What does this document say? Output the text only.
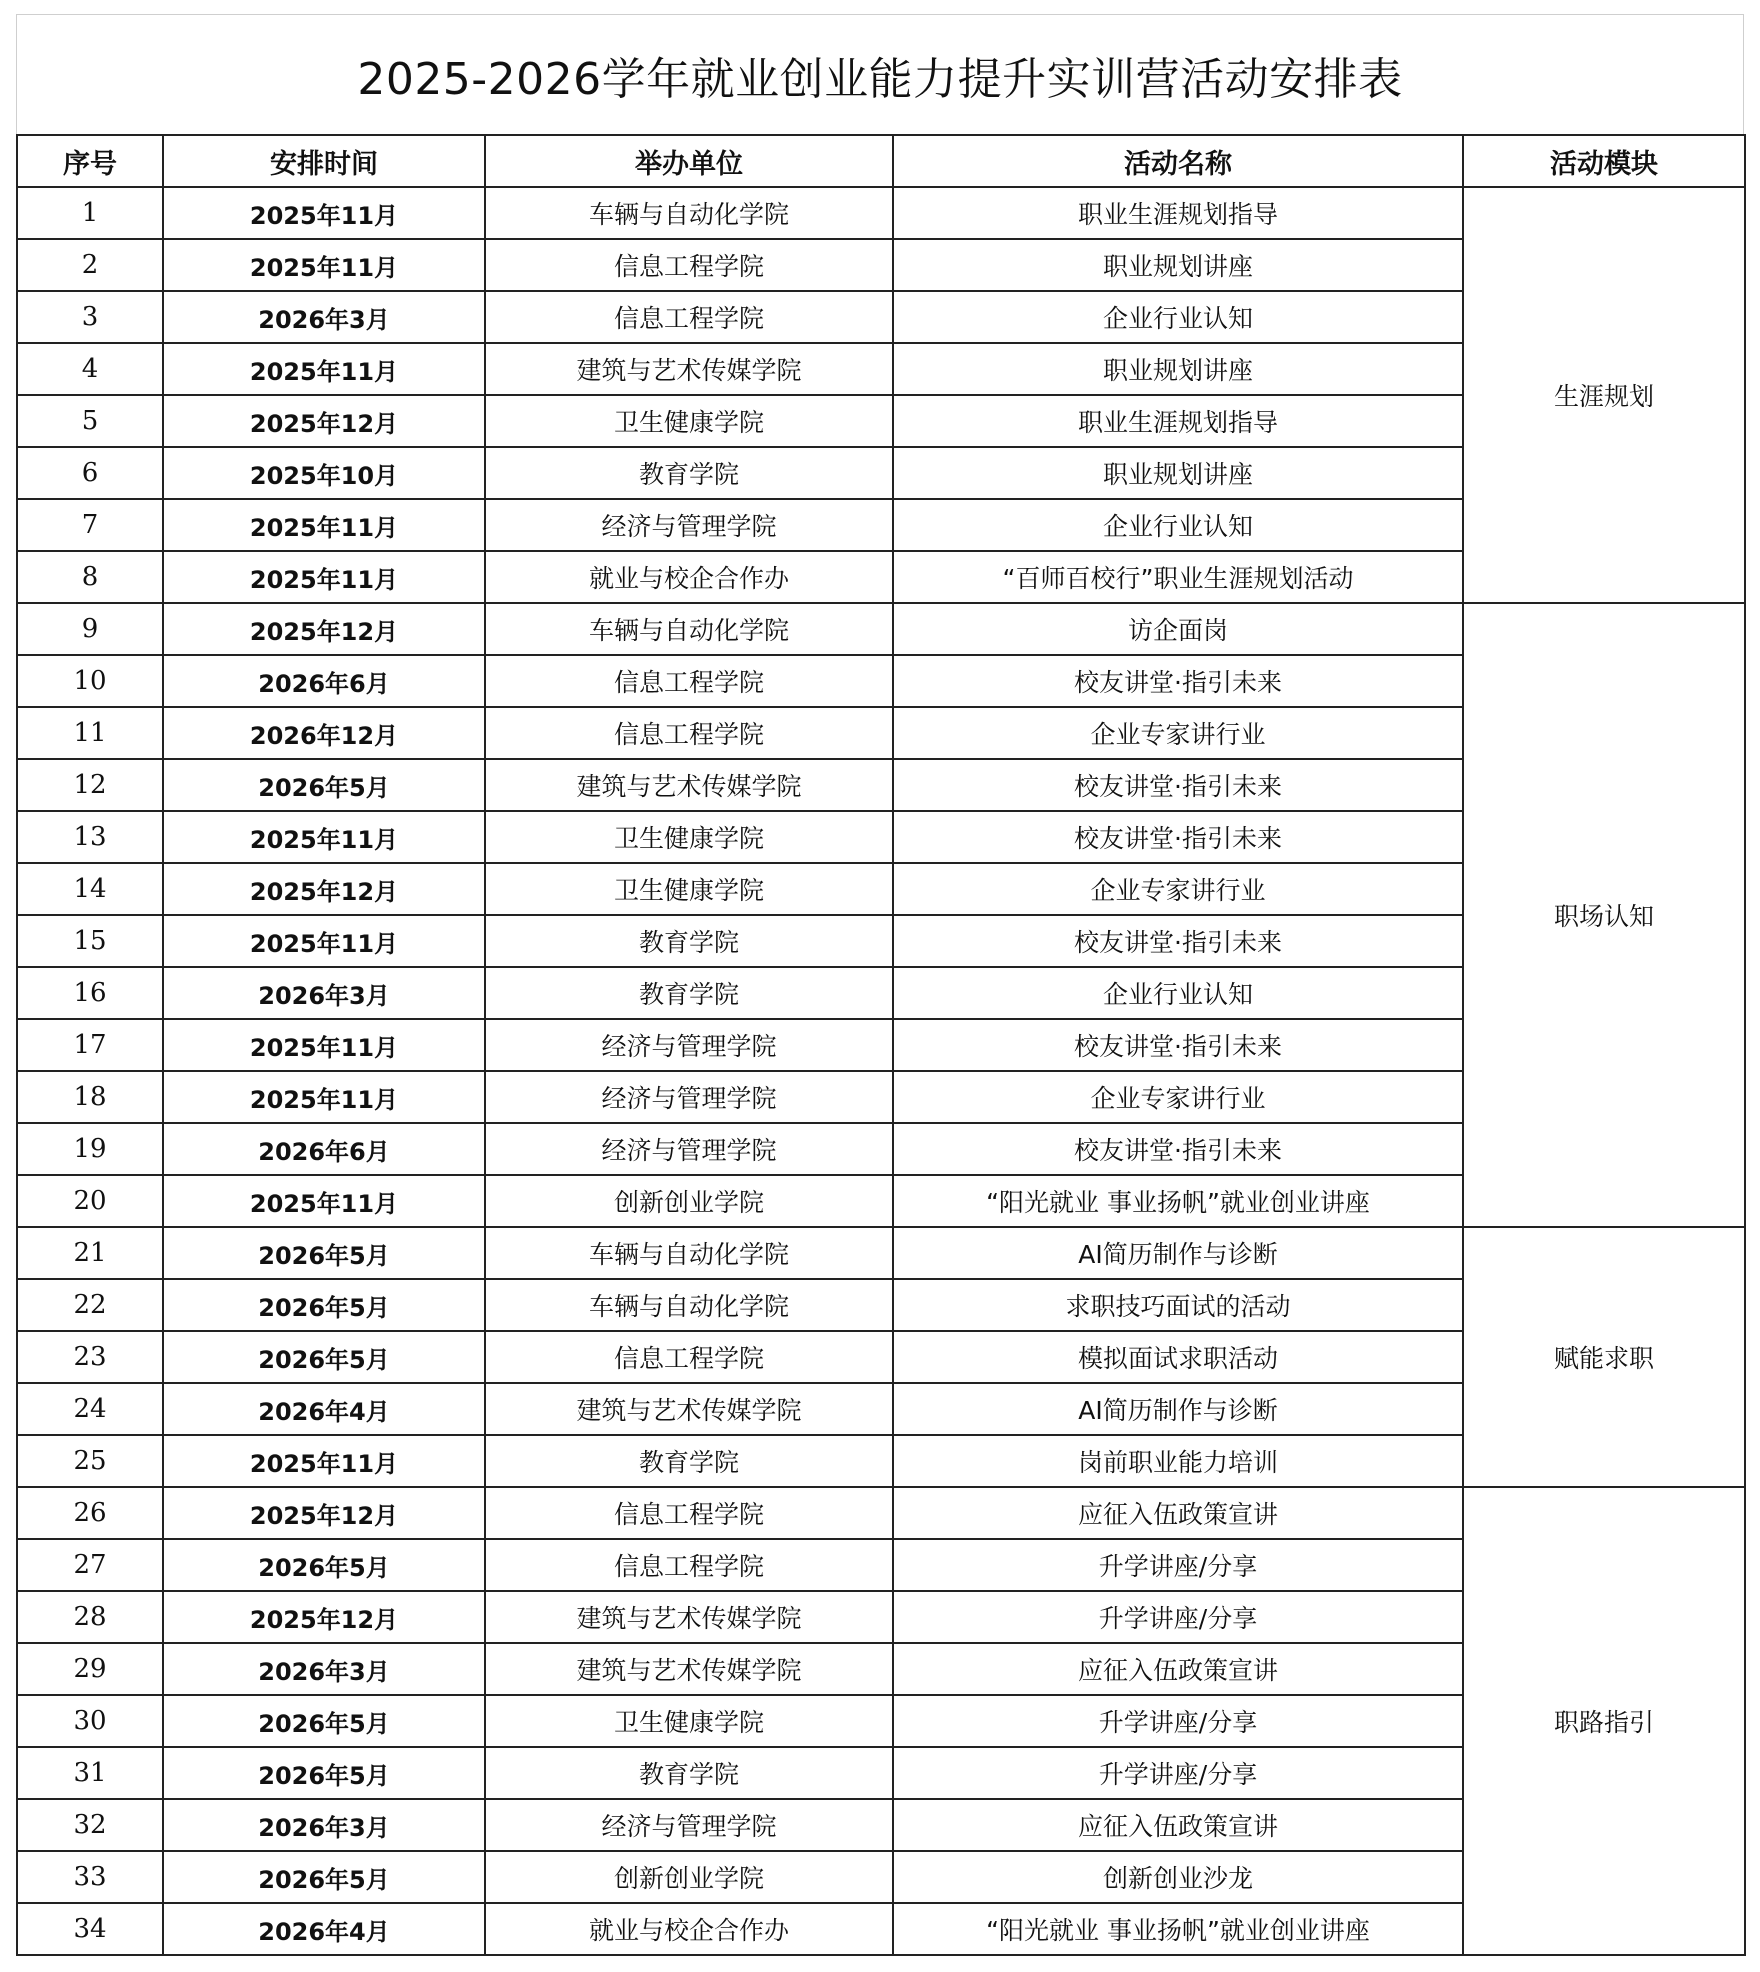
2025-2026学年就业创业能力提升实训营活动安排表
序号	安排时间	举办单位	活动名称	活动模块
1	2025年11月	车辆与自动化学院	职业生涯规划指导	生涯规划
2	2025年11月	信息工程学院	职业规划讲座	
3	2026年3月	信息工程学院	企业行业认知	
4	2025年11月	建筑与艺术传媒学院	职业规划讲座	
5	2025年12月	卫生健康学院	职业生涯规划指导	
6	2025年10月	教育学院	职业规划讲座	
7	2025年11月	经济与管理学院	企业行业认知	
8	2025年11月	就业与校企合作办	“百师百校行”职业生涯规划活动	
9	2025年12月	车辆与自动化学院	访企面岗	职场认知
10	2026年6月	信息工程学院	校友讲堂·指引未来	
11	2026年12月	信息工程学院	企业专家讲行业	
12	2026年5月	建筑与艺术传媒学院	校友讲堂·指引未来	
13	2025年11月	卫生健康学院	校友讲堂·指引未来	
14	2025年12月	卫生健康学院	企业专家讲行业	
15	2025年11月	教育学院	校友讲堂·指引未来	
16	2026年3月	教育学院	企业行业认知	
17	2025年11月	经济与管理学院	校友讲堂·指引未来	
18	2025年11月	经济与管理学院	企业专家讲行业	
19	2026年6月	经济与管理学院	校友讲堂·指引未来	
20	2025年11月	创新创业学院	“阳光就业 事业扬帆”就业创业讲座	
21	2026年5月	车辆与自动化学院	AI简历制作与诊断	赋能求职
22	2026年5月	车辆与自动化学院	求职技巧面试的活动	
23	2026年5月	信息工程学院	模拟面试求职活动	
24	2026年4月	建筑与艺术传媒学院	AI简历制作与诊断	
25	2025年11月	教育学院	岗前职业能力培训	
26	2025年12月	信息工程学院	应征入伍政策宣讲	职路指引
27	2026年5月	信息工程学院	升学讲座/分享	
28	2025年12月	建筑与艺术传媒学院	升学讲座/分享	
29	2026年3月	建筑与艺术传媒学院	应征入伍政策宣讲	
30	2026年5月	卫生健康学院	升学讲座/分享	
31	2026年5月	教育学院	升学讲座/分享	
32	2026年3月	经济与管理学院	应征入伍政策宣讲	
33	2026年5月	创新创业学院	创新创业沙龙	
34	2026年4月	就业与校企合作办	“阳光就业 事业扬帆”就业创业讲座	
